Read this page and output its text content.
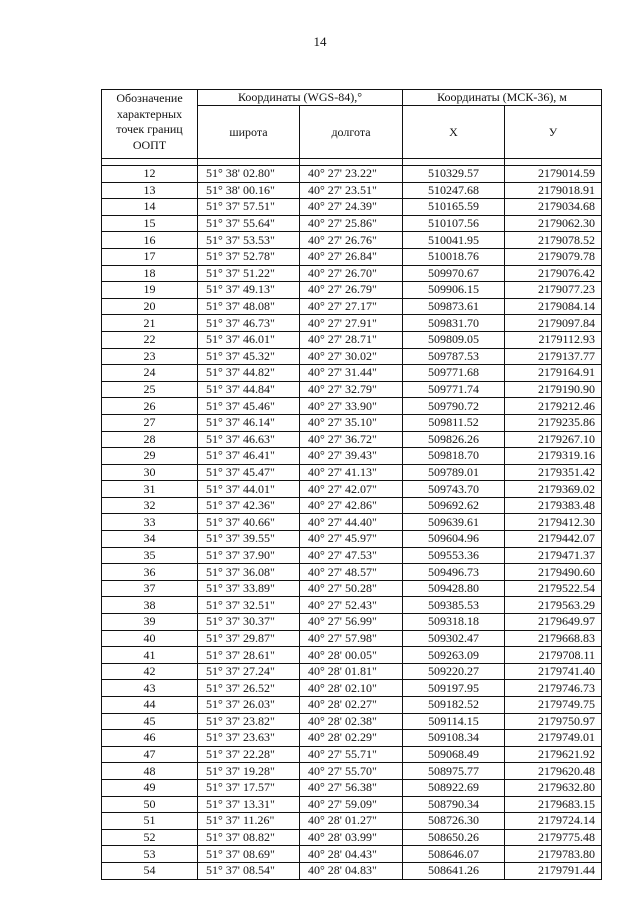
14
Обозначение характерных точек границ ООПТ	Координаты (WGS-84),°		Координаты (МСК-36), м	
	широта	долгота	X	У

12	51° 38' 02.80"	40° 27' 23.22"	510329.57	2179014.59
13	51° 38' 00.16"	40° 27' 23.51"	510247.68	2179018.91
14	51° 37' 57.51"	40° 27' 24.39"	510165.59	2179034.68
15	51° 37' 55.64"	40° 27' 25.86"	510107.56	2179062.30
16	51° 37' 53.53"	40° 27' 26.76"	510041.95	2179078.52
17	51° 37' 52.78"	40° 27' 26.84"	510018.76	2179079.78
18	51° 37' 51.22"	40° 27' 26.70"	509970.67	2179076.42
19	51° 37' 49.13"	40° 27' 26.79"	509906.15	2179077.23
20	51° 37' 48.08"	40° 27' 27.17"	509873.61	2179084.14
21	51° 37' 46.73"	40° 27' 27.91"	509831.70	2179097.84
22	51° 37' 46.01"	40° 27' 28.71"	509809.05	2179112.93
23	51° 37' 45.32"	40° 27' 30.02"	509787.53	2179137.77
24	51° 37' 44.82"	40° 27' 31.44"	509771.68	2179164.91
25	51° 37' 44.84"	40° 27' 32.79"	509771.74	2179190.90
26	51° 37' 45.46"	40° 27' 33.90"	509790.72	2179212.46
27	51° 37' 46.14"	40° 27' 35.10"	509811.52	2179235.86
28	51° 37' 46.63"	40° 27' 36.72"	509826.26	2179267.10
29	51° 37' 46.41"	40° 27' 39.43"	509818.70	2179319.16
30	51° 37' 45.47"	40° 27' 41.13"	509789.01	2179351.42
31	51° 37' 44.01"	40° 27' 42.07"	509743.70	2179369.02
32	51° 37' 42.36"	40° 27' 42.86"	509692.62	2179383.48
33	51° 37' 40.66"	40° 27' 44.40"	509639.61	2179412.30
34	51° 37' 39.55"	40° 27' 45.97"	509604.96	2179442.07
35	51° 37' 37.90"	40° 27' 47.53"	509553.36	2179471.37
36	51° 37' 36.08"	40° 27' 48.57"	509496.73	2179490.60
37	51° 37' 33.89"	40° 27' 50.28"	509428.80	2179522.54
38	51° 37' 32.51"	40° 27' 52.43"	509385.53	2179563.29
39	51° 37' 30.37"	40° 27' 56.99"	509318.18	2179649.97
40	51° 37' 29.87"	40° 27' 57.98"	509302.47	2179668.83
41	51° 37' 28.61"	40° 28' 00.05"	509263.09	2179708.11
42	51° 37' 27.24"	40° 28' 01.81"	509220.27	2179741.40
43	51° 37' 26.52"	40° 28' 02.10"	509197.95	2179746.73
44	51° 37' 26.03"	40° 28' 02.27"	509182.52	2179749.75
45	51° 37' 23.82"	40° 28' 02.38"	509114.15	2179750.97
46	51° 37' 23.63"	40° 28' 02.29"	509108.34	2179749.01
47	51° 37' 22.28"	40° 27' 55.71"	509068.49	2179621.92
48	51° 37' 19.28"	40° 27' 55.70"	508975.77	2179620.48
49	51° 37' 17.57"	40° 27' 56.38"	508922.69	2179632.80
50	51° 37' 13.31"	40° 27' 59.09"	508790.34	2179683.15
51	51° 37' 11.26"	40° 28' 01.27"	508726.30	2179724.14
52	51° 37' 08.82"	40° 28' 03.99"	508650.26	2179775.48
53	51° 37' 08.69"	40° 28' 04.43"	508646.07	2179783.80
54	51° 37' 08.54"	40° 28' 04.83"	508641.26	2179791.44
